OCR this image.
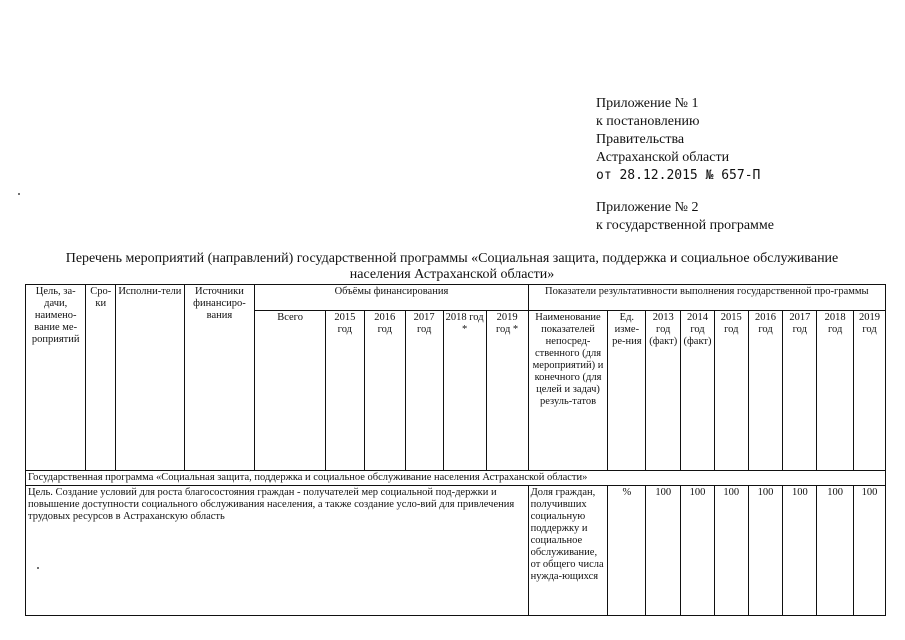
Приложение № 1
к постановлению
Правительства
Астраханской области
от 28.12.2015 № 657-П
Приложение № 2
к государственной программе
Перечень мероприятий (направлений) государственной программы «Социальная защита, поддержка и социальное обслуживание
населения Астраханской области»
Цель, за-дачи, наимено-вание ме-роприятий	Сро-ки	Исполни-тели	Источники финансиро-вания	Объёмы финансирования						Показатели результативности выполнения государственной про-граммы								
				Всего	2015 год	2016 год	2017 год	2018 год *	2019 год *	Наименование показателей непосред-ственного (для мероприятий) и конечного (для целей и задач) резуль-татов	Ед. изме-ре-ния	2013 год (факт)	2014 год (факт)	2015 год	2016 год	2017 год	2018 год	2019 год
Государственная программа «Социальная защита, поддержка и социальное обслуживание населения Астраханской области»																		
Цель. Создание условий для роста благосостояния граждан - получателей мер социальной под-держки и повышение доступности социального обслуживания населения, а также создание усло-вий для привлечения трудовых ресурсов в Астраханскую область										Доля граждан, получивших социальную поддержку и социальное обслуживание, от общего числа нужда-ющихся	%	100	100	100	100	100	100	100
